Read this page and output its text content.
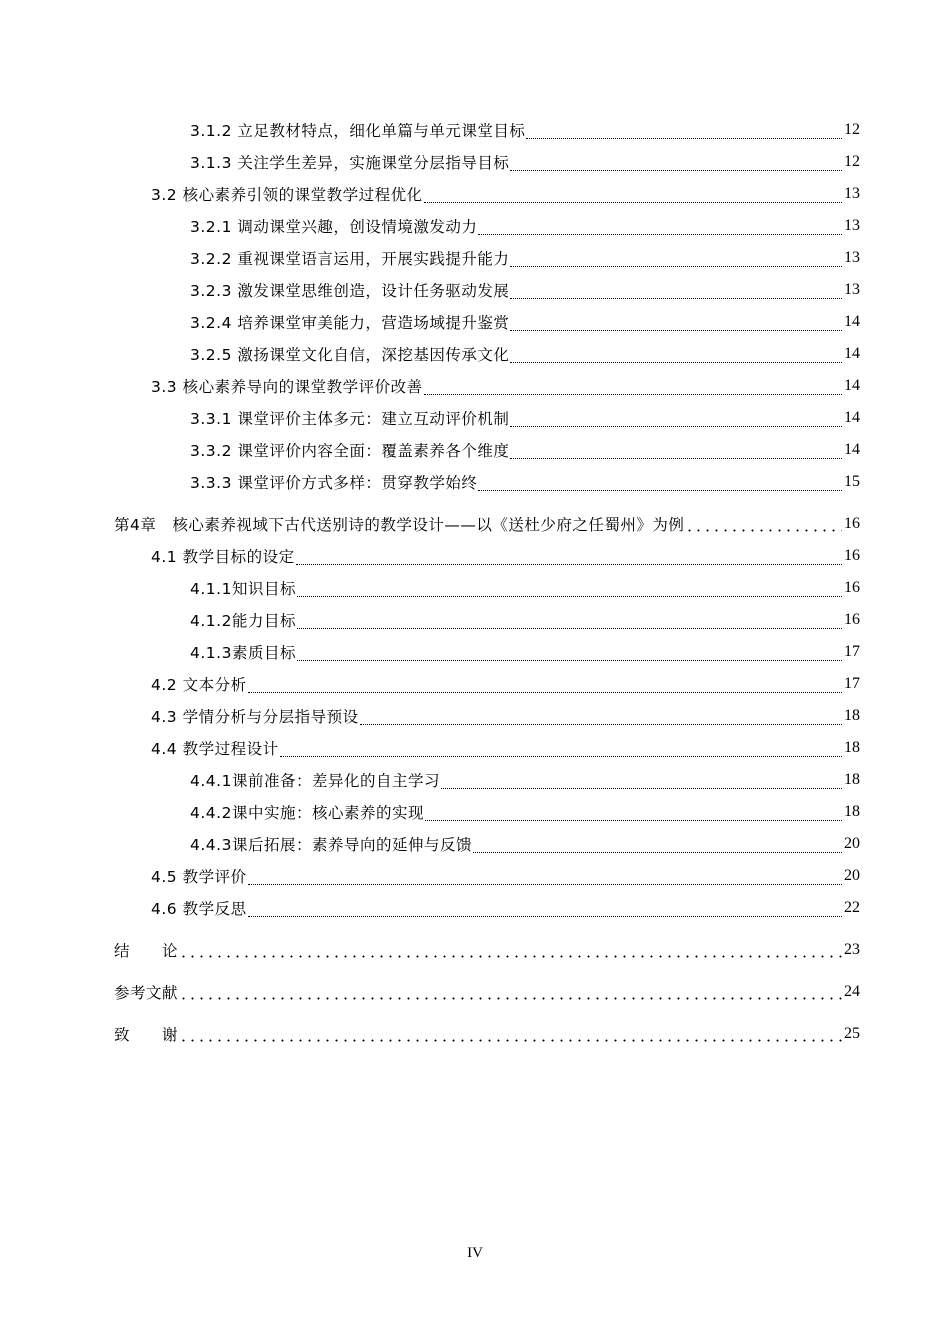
3.1.2 立足教材特点，细化单篇与单元课堂目标	12
3.1.3 关注学生差异，实施课堂分层指导目标	12
3.2 核心素养引领的课堂教学过程优化	13
3.2.1 调动课堂兴趣，创设情境激发动力	13
3.2.2 重视课堂语言运用，开展实践提升能力	13
3.2.3 激发课堂思维创造，设计任务驱动发展	13
3.2.4 培养课堂审美能力，营造场域提升鉴赏	14
3.2.5 激扬课堂文化自信，深挖基因传承文化	14
3.3 核心素养导向的课堂教学评价改善	14
3.3.1 课堂评价主体多元：建立互动评价机制	14
3.3.2 课堂评价内容全面：覆盖素养各个维度	14
3.3.3 课堂评价方式多样：贯穿教学始终	15
第4章　核心素养视域下古代送别诗的教学设计——以《送杜少府之任蜀州》为例	16
4.1 教学目标的设定	16
4.1.1知识目标	16
4.1.2能力目标	16
4.1.3素质目标	17
4.2 文本分析	17
4.3 学情分析与分层指导预设	18
4.4 教学过程设计	18
4.4.1课前准备：差异化的自主学习	18
4.4.2课中实施：核心素养的实现	18
4.4.3课后拓展：素养导向的延伸与反馈	20
4.5 教学评价	20
4.6 教学反思	22
结　　论	23
参考文献	24
致　　谢	25
IV
